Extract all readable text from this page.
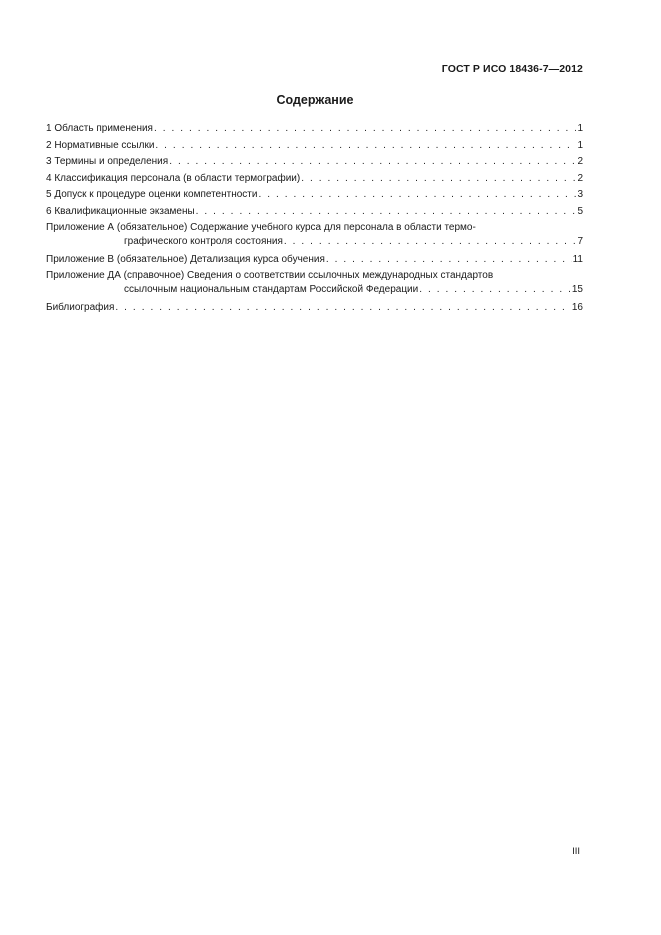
ГОСТ Р ИСО 18436-7—2012
Содержание
1 Область применения . . .	1
2 Нормативные ссылки . . .	1
3 Термины и определения . . .	2
4 Классификация персонала (в области термографии) . . .	2
5 Допуск к процедуре оценки компетентности . . .	3
6 Квалификационные экзамены . . .	5
Приложение А (обязательное) Содержание учебного курса для персонала в области термо-
графического контроля состояния . . .	7
Приложение В (обязательное) Детализация курса обучения . . .	11
Приложение ДА (справочное) Сведения о соответствии ссылочных международных стандартов
ссылочным национальным стандартам Российской Федерации . . .	15
Библиография . . .	16
III
